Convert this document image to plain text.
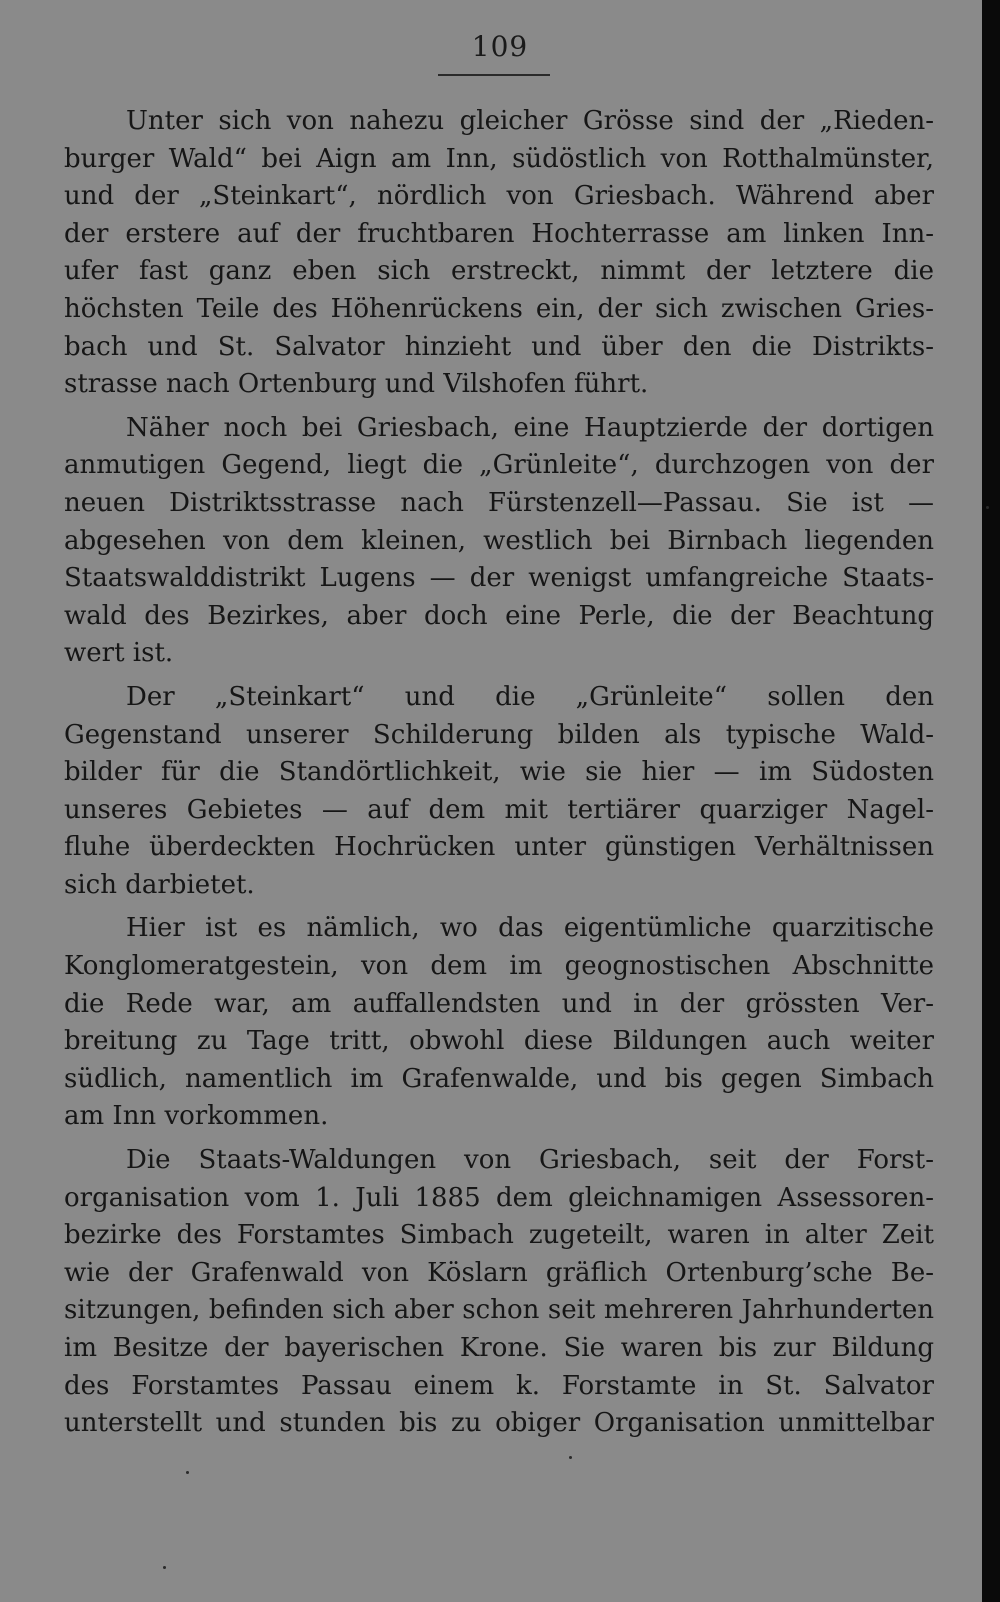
109
Unter sich von nahezu gleicher Grösse sind der „Rieden-
burger Wald“ bei Aign am Inn, südöstlich von Rotthalmünster,
und der „Steinkart“, nördlich von Griesbach. Während aber
der erstere auf der fruchtbaren Hochterrasse am linken Inn-
ufer fast ganz eben sich erstreckt, nimmt der letztere die
höchsten Teile des Höhenrückens ein, der sich zwischen Gries-
bach und St. Salvator hinzieht und über den die Distrikts-
strasse nach Ortenburg und Vilshofen führt.
Näher noch bei Griesbach, eine Hauptzierde der dortigen
anmutigen Gegend, liegt die „Grünleite“, durchzogen von der
neuen Distriktsstrasse nach Fürstenzell—Passau. Sie ist —
abgesehen von dem kleinen, westlich bei Birnbach liegenden
Staatswalddistrikt Lugens — der wenigst umfangreiche Staats-
wald des Bezirkes, aber doch eine Perle, die der Beachtung
wert ist.
Der „Steinkart“ und die „Grünleite“ sollen den
Gegenstand unserer Schilderung bilden als typische Wald-
bilder für die Standörtlichkeit, wie sie hier — im Südosten
unseres Gebietes — auf dem mit tertiärer quarziger Nagel-
fluhe überdeckten Hochrücken unter günstigen Verhältnissen
sich darbietet.
Hier ist es nämlich, wo das eigentümliche quarzitische
Konglomeratgestein, von dem im geognostischen Abschnitte
die Rede war, am auffallendsten und in der grössten Ver-
breitung zu Tage tritt, obwohl diese Bildungen auch weiter
südlich, namentlich im Grafenwalde, und bis gegen Simbach
am Inn vorkommen.
Die Staats-Waldungen von Griesbach, seit der Forst-
organisation vom 1. Juli 1885 dem gleichnamigen Assessoren-
bezirke des Forstamtes Simbach zugeteilt, waren in alter Zeit
wie der Grafenwald von Köslarn gräflich Ortenburg’sche Be-
sitzungen, befinden sich aber schon seit mehreren Jahrhunderten
im Besitze der bayerischen Krone. Sie waren bis zur Bildung
des Forstamtes Passau einem k. Forstamte in St. Salvator
unterstellt und stunden bis zu obiger Organisation unmittelbar
